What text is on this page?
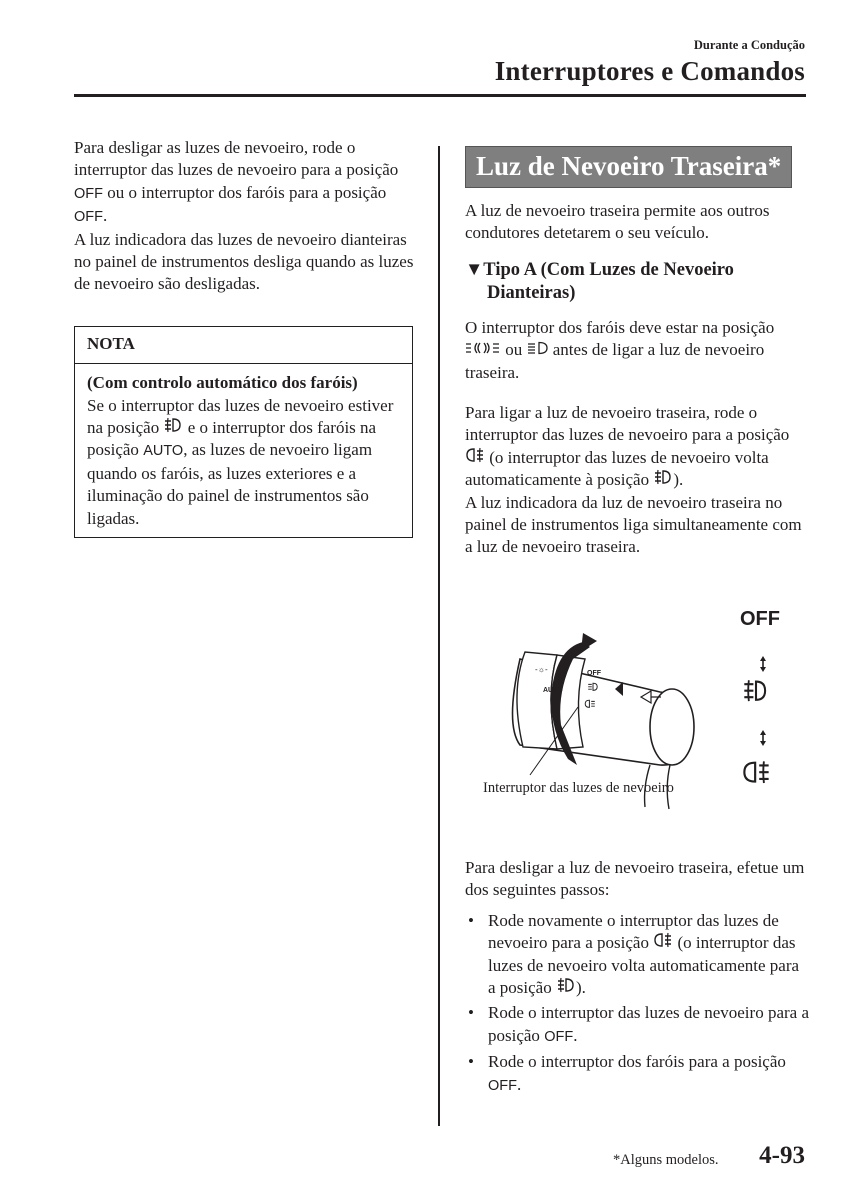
Durante a Condução
Interruptores e Comandos

Para desligar as luzes de nevoeiro, rode o interruptor das luzes de nevoeiro para a posição OFF ou o interruptor dos faróis para a posição OFF.

A luz indicadora das luzes de nevoeiro dianteiras no painel de instrumentos desliga quando as luzes de nevoeiro são desligadas.

NOTA
(Com controlo automático dos faróis)
Se o interruptor das luzes de nevoeiro estiver na posição  e o interruptor dos faróis na posição AUTO, as luzes de nevoeiro ligam quando os faróis, as luzes exteriores e a iluminação do painel de instrumentos são ligadas.
Luz de Nevoeiro Traseira*

A luz de nevoeiro traseira permite aos outros condutores detetarem o seu veículo.

▼Tipo A (Com Luzes de Nevoeiro Dianteiras)

O interruptor dos faróis deve estar na posição  ou  antes de ligar a luz de nevoeiro traseira.

Para ligar a luz de nevoeiro traseira, rode o interruptor das luzes de nevoeiro para a posição  (o interruptor das luzes de nevoeiro volta automaticamente à posição ).

A luz indicadora da luz de nevoeiro traseira no painel de instrumentos liga simultaneamente com a luz de nevoeiro traseira.

-☼-
AUTO
OFF
OFF
Interruptor das luzes de nevoeiro

Para desligar a luz de nevoeiro traseira, efetue um dos seguintes passos:

• Rode novamente o interruptor das luzes de nevoeiro para a posição  (o interruptor das luzes de nevoeiro volta automaticamente para a posição ).
• Rode o interruptor das luzes de nevoeiro para a posição OFF.
• Rode o interruptor dos faróis para a posição OFF.
*Alguns modelos. 4-93
